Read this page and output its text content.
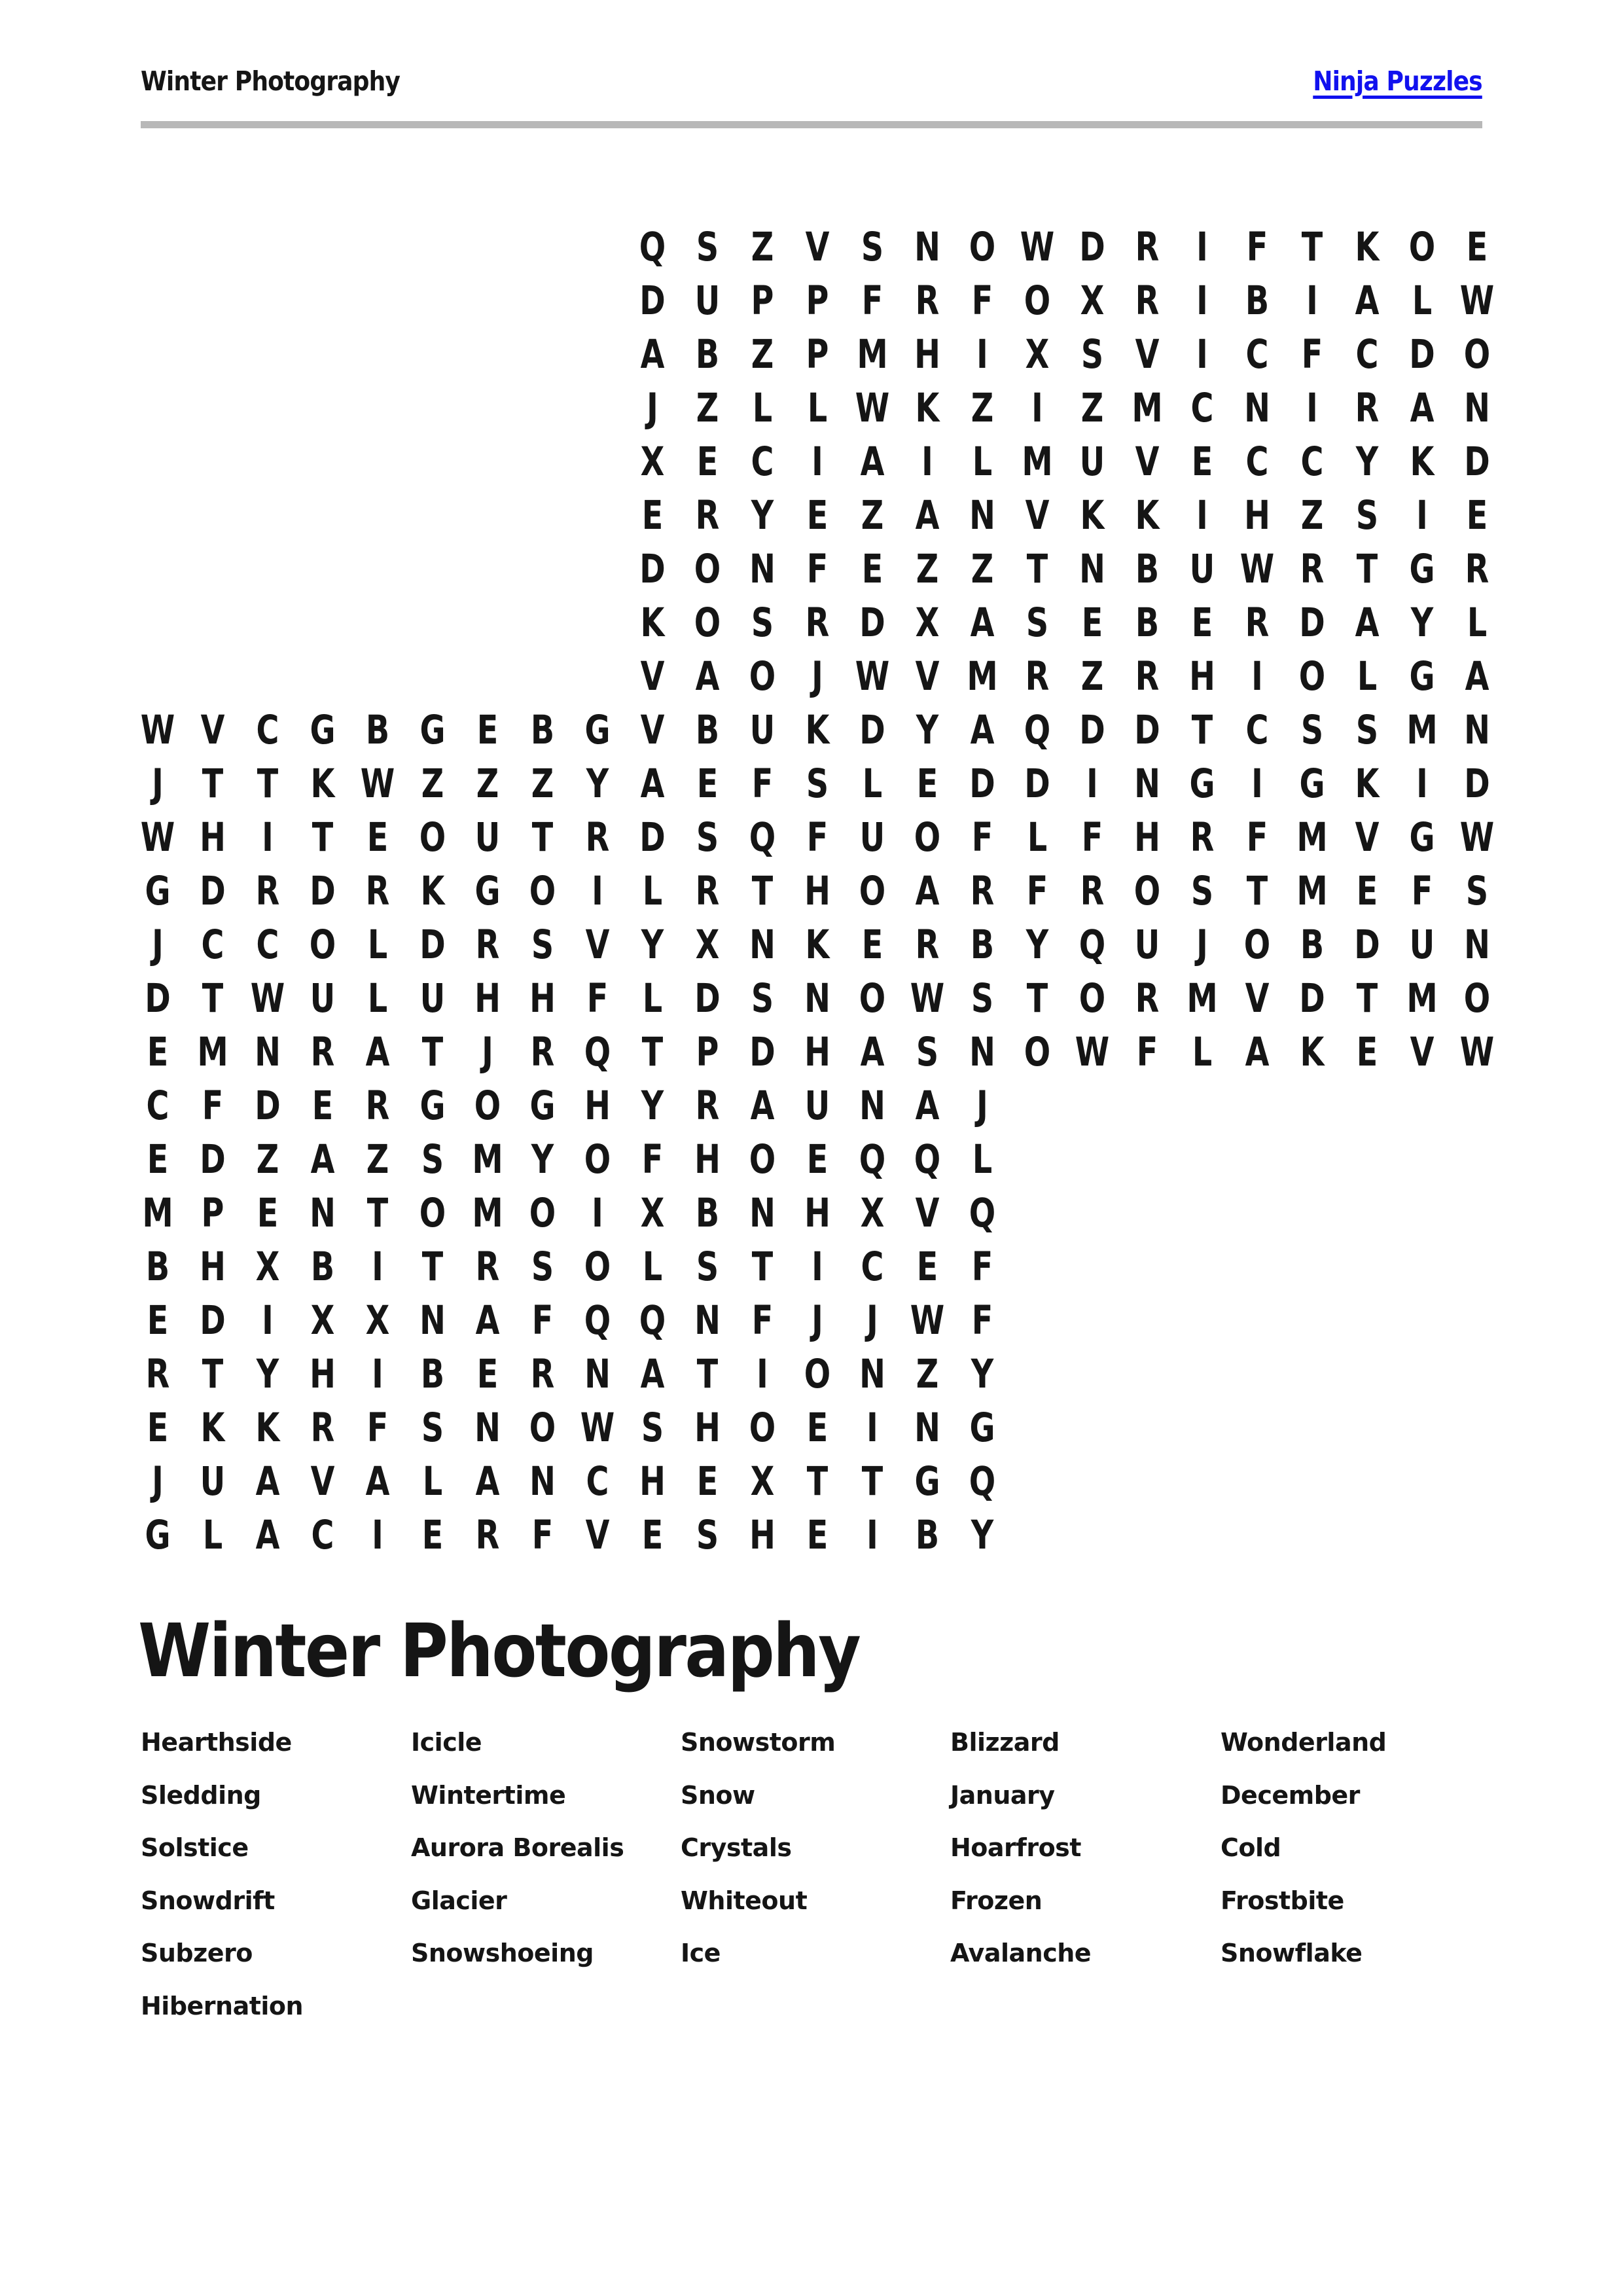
Winter Photography	Ninja Puzzles
Q S Z V S N O W D R I F T K O E
D U P P F R F O X R I B I A L W
A B Z P M H I X S V I C F C D O
J Z L L W K Z I Z M C N I R A N
X E C I A I L M U V E C C Y K D
E R Y E Z A N V K K I H Z S I E
D O N F E Z Z T N B U W R T G R
K O S R D X A S E B E R D A Y L
V A O J W V M R Z R H I O L G A
W V C G B G E B G V B U K D Y A Q D D T C S S M N
J T T K W Z Z Z Y A E F S L E D D I N G I G K I D
W H I T E O U T R D S Q F U O F L F H R F M V G W
G D R D R K G O I L R T H O A R F R O S T M E F S
J C C O L D R S V Y X N K E R B Y Q U J O B D U N
D T W U L U H H F L D S N O W S T O R M V D T M O
E M N R A T J R Q T P D H A S N O W F L A K E V W
C F D E R G O G H Y R A U N A J
E D Z A Z S M Y O F H O E Q Q L
M P E N T O M O I X B N H X V Q
B H X B I T R S O L S T I C E F
E D I X X N A F Q Q N F J	J W F
R T Y H I B E R N A T I O N Z Y
E K K R F S N O W S H O E I N G
J U A V A L A N C H E X T T G Q
G L A C I E R F V E S H E I B Y
Winter Photography
Hearthside
Sledding
Solstice
Snowdrift
Subzero
Hibernation
Icicle
Wintertime
Aurora Borealis
Glacier
Snowshoeing
Snowstorm
Snow
Crystals
Whiteout
Ice
Blizzard
January
Hoarfrost
Frozen
Avalanche
Wonderland
December
Cold
Frostbite
Snowflake
